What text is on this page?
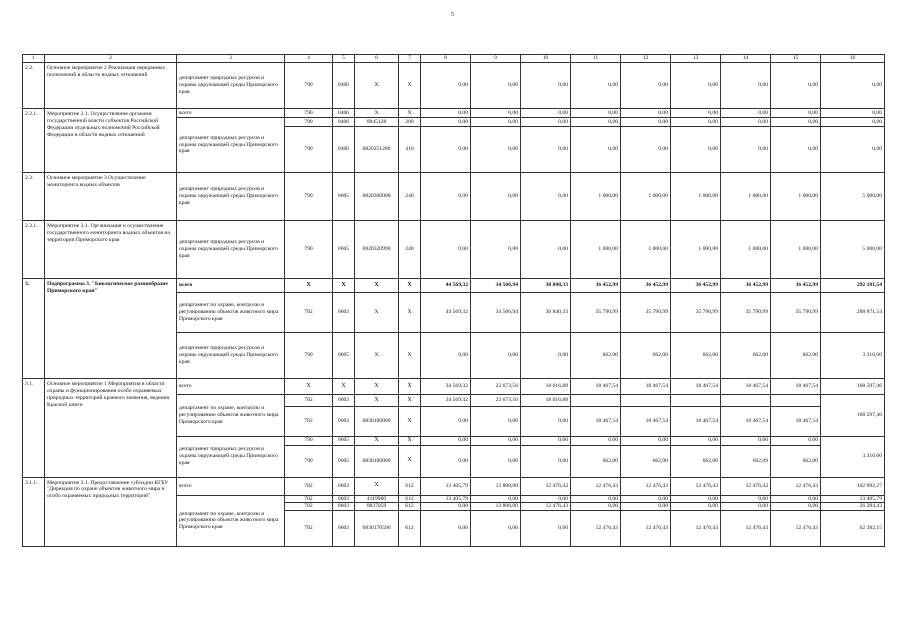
5
1	2	3	4	5	6	7	8	9	10	11	12	13	14	15	16
2.2.	Основное мероприятие 2 Реализация переданных полномочий в области водных отношений	департамент природных ресурсов и охраны окружающей среды Приморского края	790	0406	X	X	0,00	0,00	0,00	0,00	0,00	0,00	0,00	0,00	0,00
2.2.1.	Мероприятие 2.1. Осуществление органами государственной власти субъектов Российской Федерации отдельных полномочий Российской Федерации в области водных отношений	всего	790	0406	X	X	0,00	0,00	0,00	0,00	0,00	0,00	0,00	0,00	0,00
		департамент природных ресурсов и охраны окружающей среды Приморского края	790	0406	0845128	200	0,00	0,00	0,00	0,00	0,00	0,00	0,00	0,00	0,00
			790	0406	0820251280	410	0,00	0,00	0,00	0,00	0,00	0,00	0,00	0,00	0,00
2.3.	Основное мероприятие 3 Осуществление мониторинга водных объектов	департамент природных ресурсов и охраны окружающей среды Приморского края	790	0605	0820300000	240	0,00	0,00	0,00	1 000,00	1 000,00	1 000,00	1 000,00	1 000,00	5 000,00
2.3.1.	Мероприятие 3.1. Организация и осуществление государственного мониторинга водных объектов на территории Приморского края	департамент природных ресурсов и охраны окружающей среды Приморского края	790	0605	0820320990	240	0,00	0,00	0,00	1 000,00	1 000,00	1 000,00	1 000,00	1 000,00	5 000,00
3.	Подпрограмма 3. "Биологическое разнообразие Приморского края"	всего	X	X	X	X	44 569,32	34 506,94	30 840,33	36 452,99	36 452,99	36 452,99	36 452,99	36 452,99	292 181,54
		департамент по охране, контролю и регулированию объектов животного мира Приморского края	782	0603	X	X	44 569,32	34 506,94	30 840,33	35 790,99	35 790,99	35 790,99	35 790,99	35 790,99	288 871,54
		департамент природных ресурсов и охраны окружающей среды Приморского края	790	0605	X	X	0,00	0,00	0,00	662,00	662,00	662,00	662,00	662,00	3 310,00
3.1.	Основное мероприятие 1 Мероприятия в области охраны и функционирования особо охраняемых природных территорий краевого значения, ведения Красной книги	всего	X	X	X	X	34 569,32	23 673,56	18 016,88	18 467,54	18 467,54	18 467,54	18 467,54	18 467,54	168 597,46
		департамент по охране, контролю и регулированию объектов животного мира Приморского края	782	0603	X	X	34 569,32	23 673,56	18 016,88						168 597,46
			782	0603	0830100000	X	0,00	0,00	0,00	18 467,54	18 467,54	18 467,54	18 467,54	18 467,54	
		департамент природных ресурсов и охраны окружающей среды Приморского края	790	0605	X	X	0,00	0,00	0,00	0,00	0,00	0,00	0,00	0,00	3 310,00
			790	0605	0830100000	X	0,00	0,00	0,00	662,00	662,00	662,00	662,09	662,00	
3.1.1.	Мероприятие 3.1. Предоставление субсидии КГБУ "Дирекция по охране объектов животного мира и особо охраняемых природных территорий"	всего	782	0603	X	612	13 405,79	13 808,00	12 476,43	12 476,43	12 476,43	12 476,43	12 476,43	12 476,43	102 092,27
		департамент по охране, контролю и регулированию объектов животного мира Приморского края	782	0603	4119900	612	13 405,79	0,00	0,00	0,00	0,00	0,00	0,00	0,00	13 405,79
			782	0603	0837059	612	0,00	13 808,00	12 476,43	0,00	0,00	0,00	0,00	0,00	26 284,43
			782	0603	0830170590	612	0,00	0,00	0,00	12 476,43	12 476,43	12 476,43	12 476,43	12 476,43	62 382,15
